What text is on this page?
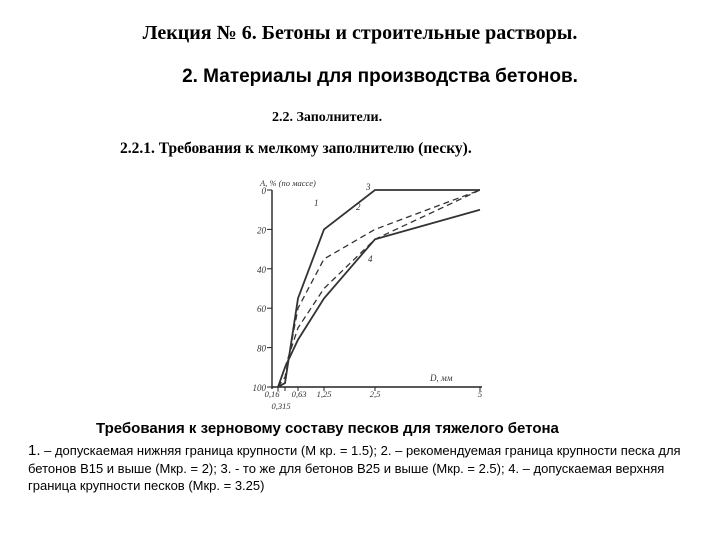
Лекция № 6. Бетоны и строительные растворы.
2. Материалы для производства бетонов.
2.2. Заполнители.
2.2.1. Требования к мелкому заполнителю (песку).
0
20
40
60
80
100
0,16
0,315
0,63 1,25	2,5	5
А, % (по массе)
D, мм
1	2
3
4
Требования к зерновому составу песков для тяжелого бетона
1. – допускаемая нижняя граница крупности (М кр. = 1.5); 2. – рекомендуемая граница крупности песка для бетонов В15 и выше (Мкр. = 2); 3. - то же для бетонов В25 и выше (Мкр. = 2.5); 4. – допускаемая верхняя граница крупности песков (Мкр. = 3.25)
